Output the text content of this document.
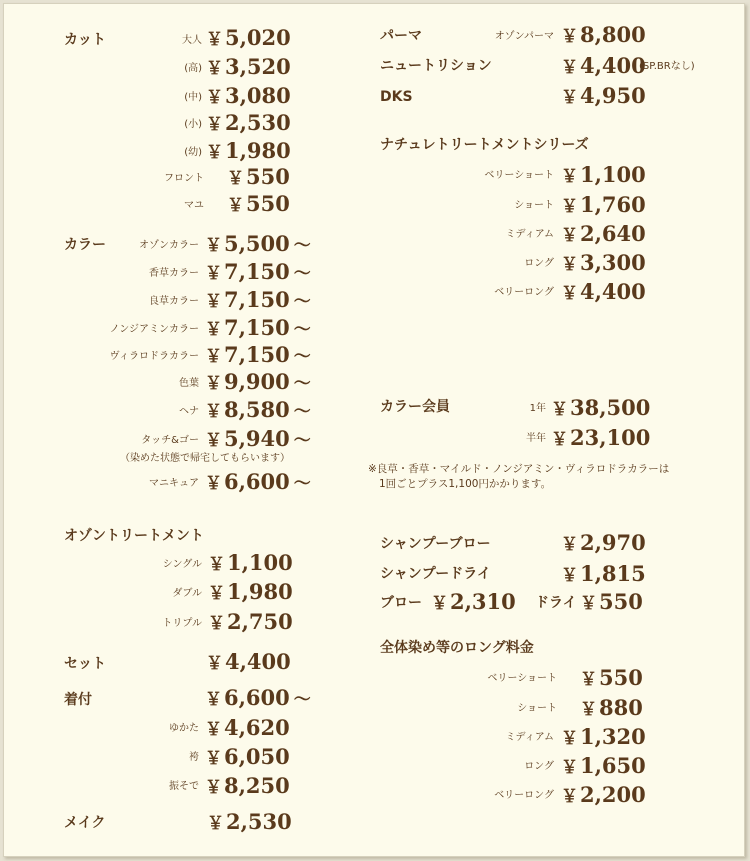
カット	大人 ￥5,020
(高) ￥3,520
(中) ￥3,080
(小) ￥2,530
(幼) ￥1,980
フロント ￥550
マユ ￥550
カラー	オゾンカラー ￥5,500 ～
香草カラー ￥7,150 ～
良草カラー ￥7,150 ～
ノンジアミンカラー ￥7,150 ～
ヴィラロドラカラー ￥7,150 ～
色葉 ￥9,900 ～
ヘナ ￥8,580 ～
タッチ&ゴー ￥5,940 ～
（染めた状態で帰宅してもらいます）
マニキュア ￥6,600 ～
オゾントリートメント
シングル ￥1,100
ダブル ￥1,980
トリプル ￥2,750
セット	￥4,400
着付	￥6,600 ～
ゆかた ￥4,620
袴 ￥6,050
振そで ￥8,250
メイク	￥2,530
パーマ	オゾンパーマ ￥8,800
ニュートリション	￥4,400
(SP.BRなし)
DKS	￥4,950
ナチュレトリートメントシリーズ
ベリーショート ￥1,100
ショート ￥1,760
ミディアム ￥2,640
ロング ￥3,300
ベリーロング ￥4,400
カラー会員	1年 ￥38,500
半年 ￥23,100
※良草・香草・マイルド・ノンジアミン・ヴィラロドラカラーは
1回ごとプラス1,100円かかります。
シャンプーブロー	￥2,970
シャンプードライ	￥1,815
ブロー ￥2,310 ドライ ￥550
全体染め等のロング料金
ベリーショート ￥550
ショート ￥880
ミディアム ￥1,320
ロング ￥1,650
ベリーロング ￥2,200
